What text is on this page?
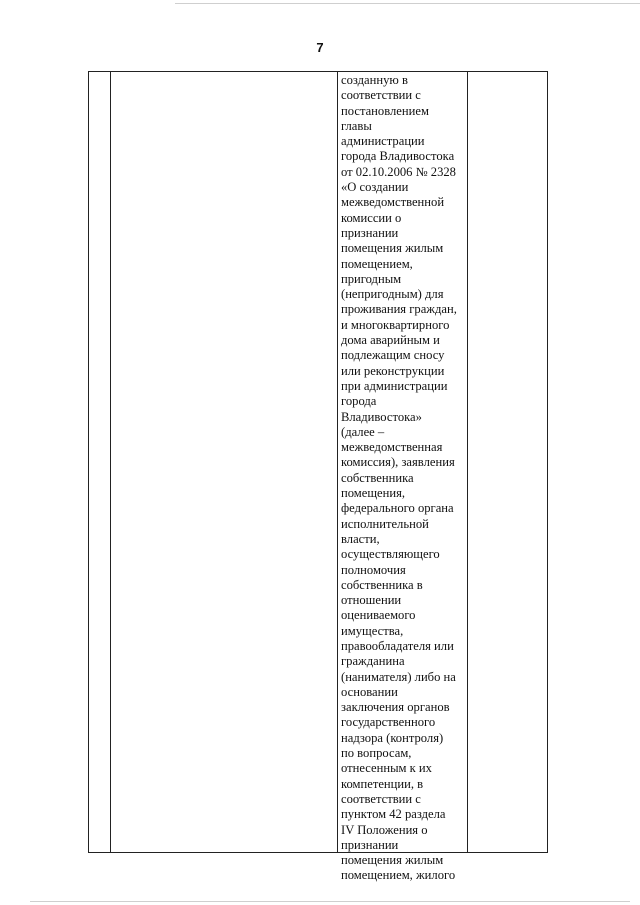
7
созданную в
соответствии с
постановлением
главы
администрации
города Владивостока
от 02.10.2006 № 2328
«О создании
межведомственной
комиссии о
признании
помещения жилым
помещением,
пригодным
(непригодным) для
проживания граждан,
и многоквартирного
дома аварийным и
подлежащим сносу
или реконструкции
при администрации
города
Владивостока»
(далее –
межведомственная
комиссия), заявления
собственника
помещения,
федерального органа
исполнительной
власти,
осуществляющего
полномочия
собственника в
отношении
оцениваемого
имущества,
правообладателя или
гражданина
(нанимателя) либо на
основании
заключения органов
государственного
надзора (контроля)
по вопросам,
отнесенным к их
компетенции, в
соответствии с
пунктом 42 раздела
IV Положения о
признании
помещения жилым
помещением, жилого
